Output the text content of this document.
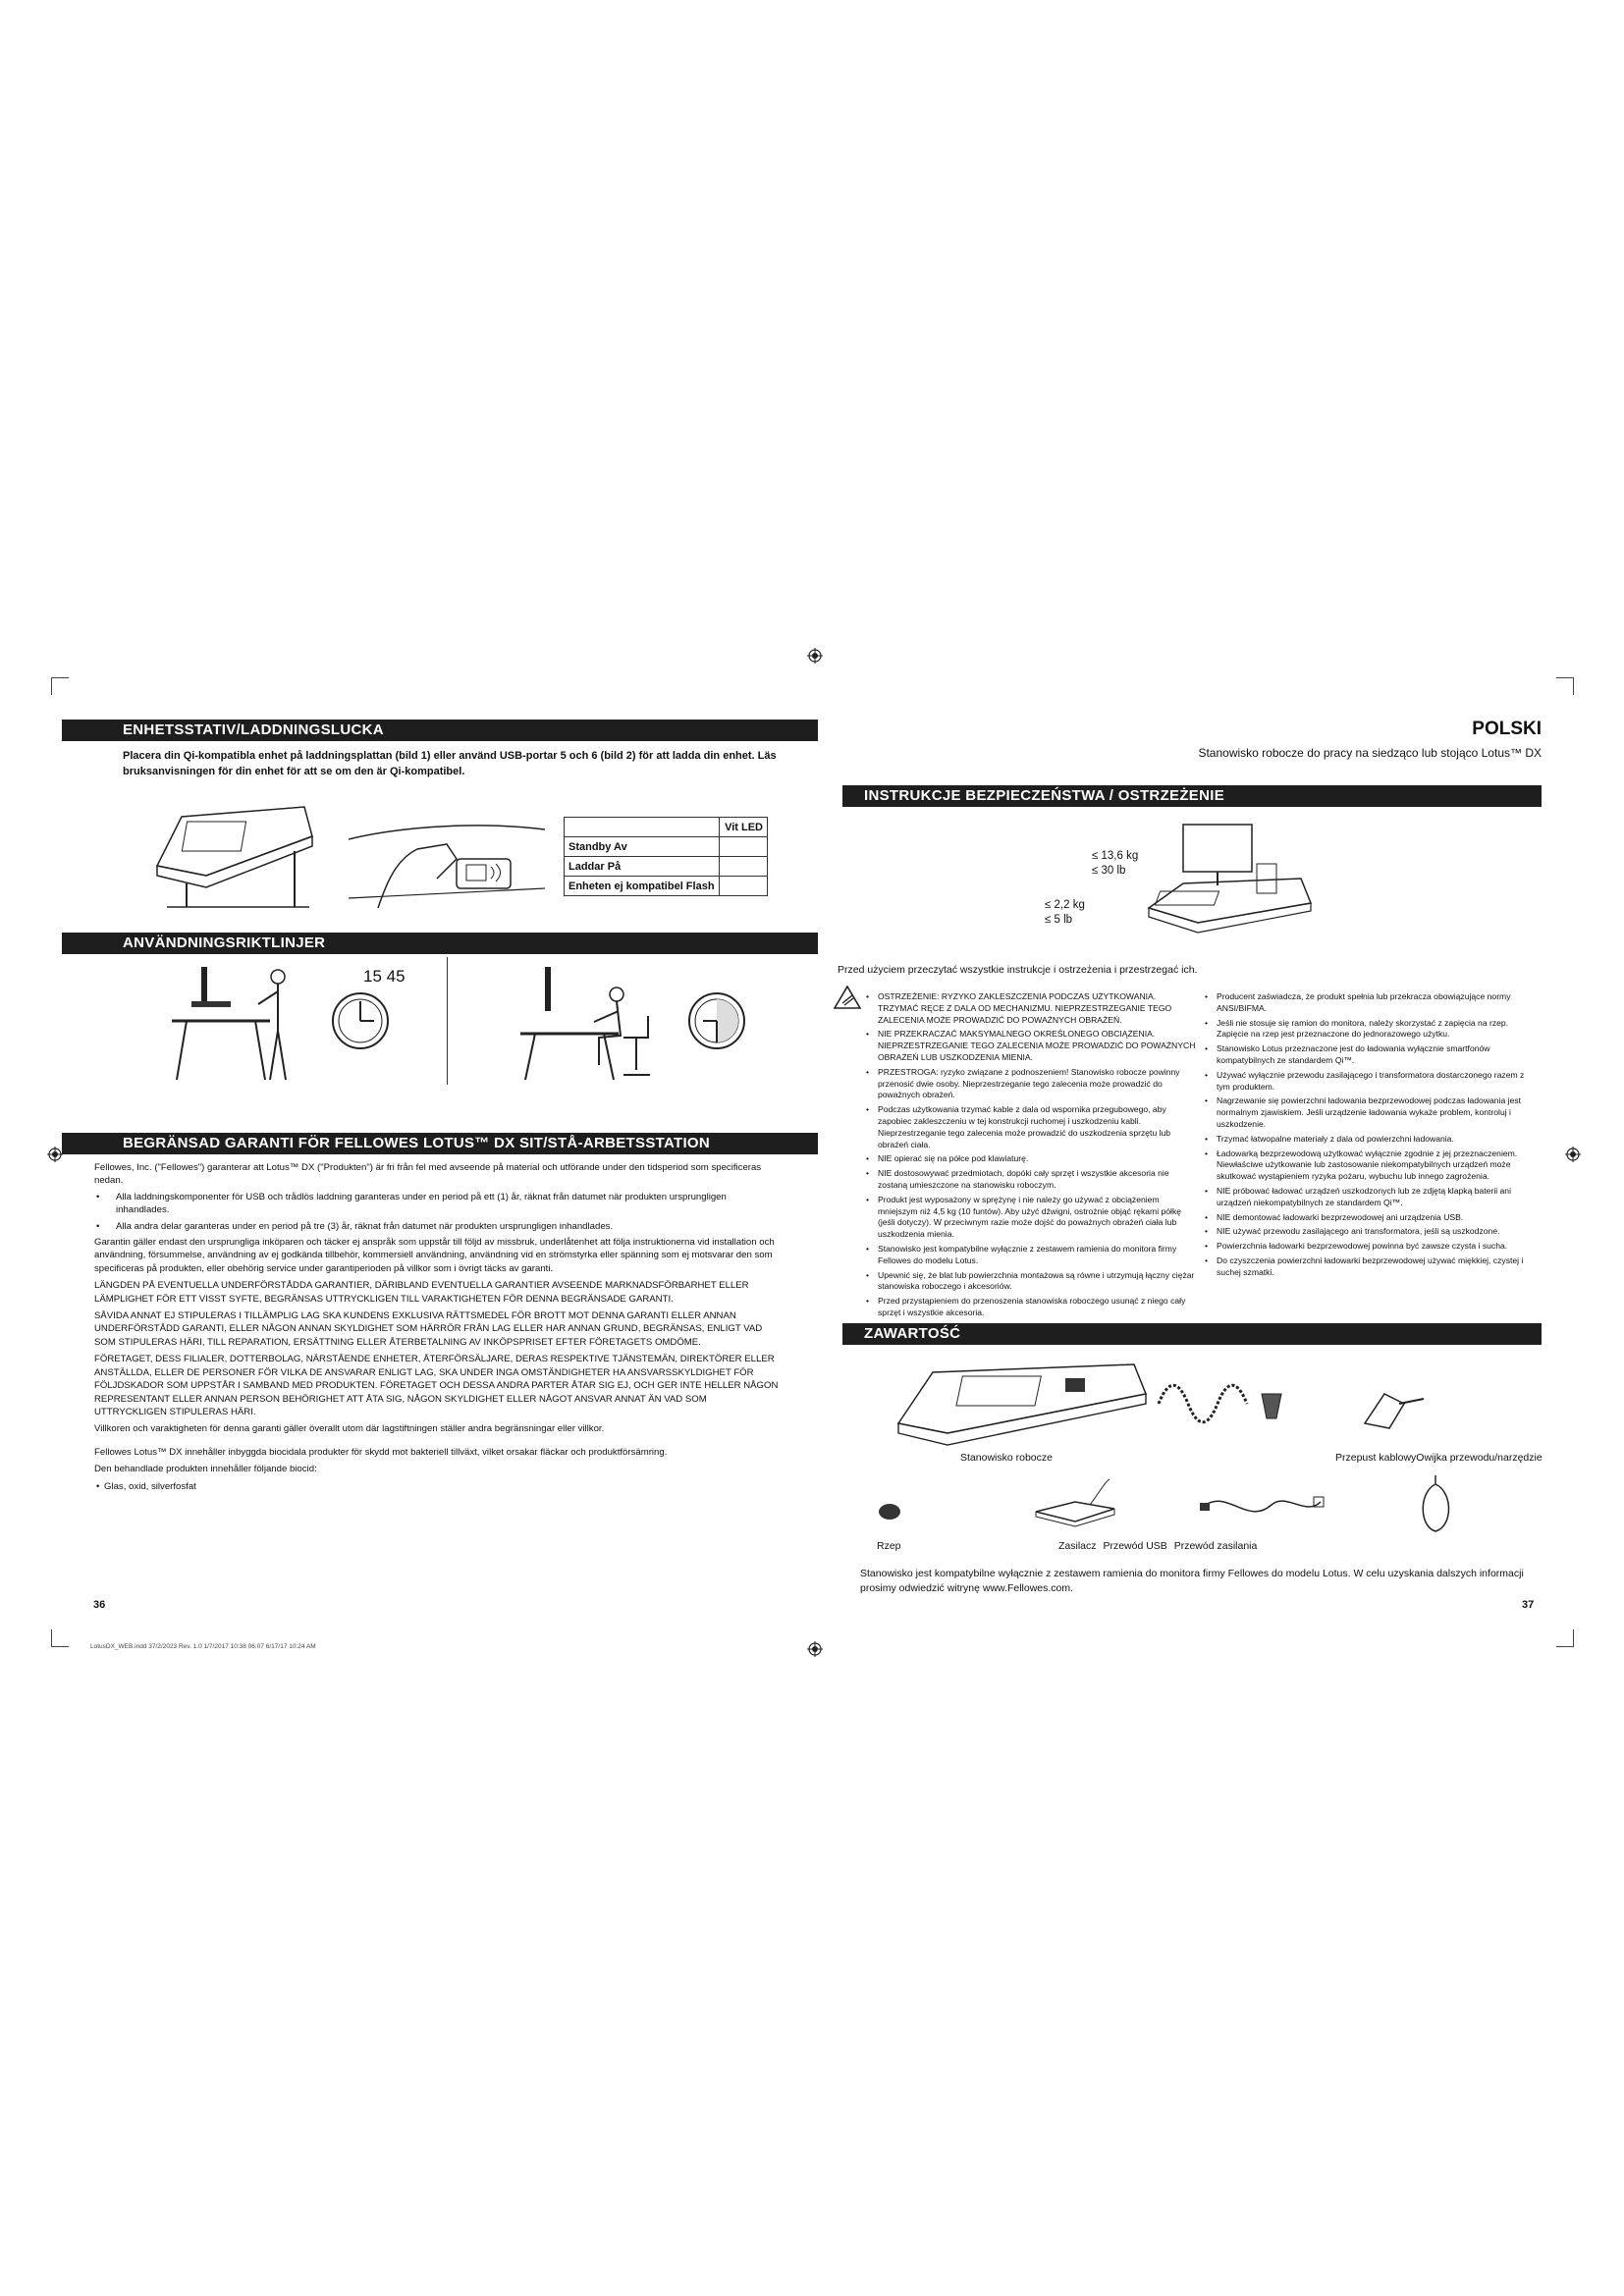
ENHETSSTATIV/LADDNINGSLUCKA
Placera din Qi-kompatibla enhet på laddningsplattan (bild 1) eller använd USB-portar 5 och 6 (bild 2) för att ladda din enhet. Läs bruksanvisningen för din enhet för att se om den är Qi-kompatibel.
	Vit LED
Standby Av	
Laddar På	
Enheten ej kompatibel Flash	
ANVÄNDNINGSRIKTLINJER
15 45
BEGRÄNSAD GARANTI FÖR FELLOWES LOTUS™ DX SIT/STÅ-ARBETSSTATION
Fellowes, Inc. ("Fellowes") garanterar att Lotus™ DX ("Produkten") är fri från fel med avseende på material och utförande under den tidsperiod som specificeras nedan.
• Alla laddningskomponenter för USB och trådlös laddning garanteras under en period på ett (1) år, räknat från datumet när produkten ursprungligen inhandlades.
• Alla andra delar garanteras under en period på tre (3) år, räknat från datumet när produkten ursprungligen inhandlades.
Garantin gäller endast den ursprungliga inköparen och täcker ej anspråk som uppstår till följd av missbruk, underlåtenhet att följa instruktionerna vid installation och användning, försummelse, användning av ej godkända tillbehör, kommersiell användning, användning vid en strömstyrka eller spänning som ej motsvarar den som specificeras på produkten, eller obehörig service under garantiperioden på villkor som i övrigt täcks av garanti.
LÄNGDEN PÅ EVENTUELLA UNDERFÖRSTÅDDA GARANTIER, DÄRIBLAND EVENTUELLA GARANTIER AVSEENDE MARKNADSFÖRBARHET ELLER LÄMPLIGHET FÖR ETT VISST SYFTE, BEGRÄNSAS UTTRYCKLIGEN TILL VARAKTIGHETEN FÖR DENNA BEGRÄNSADE GARANTI.
SÅVIDA ANNAT EJ STIPULERAS I TILLÄMPLIG LAG SKA KUNDENS EXKLUSIVA RÄTTSMEDEL FÖR BROTT MOT DENNA GARANTI ELLER ANNAN UNDERFÖRSTÅDD GARANTI, ELLER NÅGON ANNAN SKYLDIGHET SOM HÄRRÖR FRÅN LAG ELLER HAR ANNAN GRUND, BEGRÄNSAS, ENLIGT VAD SOM STIPULERAS HÄRI, TILL REPARATION, ERSÄTTNING ELLER ÅTERBETALNING AV INKÖPSPRISET EFTER FÖRETAGETS OMDÖME.
FÖRETAGET, DESS FILIALER, DOTTERBOLAG, NÄRSTÅENDE ENHETER, ÅTERFÖRSÄLJARE, DERAS RESPEKTIVE TJÄNSTEMÄN, DIREKTÖRER ELLER ANSTÄLLDA, ELLER DE PERSONER FÖR VILKA DE ANSVARAR ENLIGT LAG, SKA UNDER INGA OMSTÄNDIGHETER HA ANSVARSSKYLDIGHET FÖR FÖLJDSKADOR SOM UPPSTÅR I SAMBAND MED PRODUKTEN. FÖRETAGET OCH DESSA ANDRA PARTER ÅTAR SIG EJ, OCH GER INTE HELLER NÅGON REPRESENTANT ELLER ANNAN PERSON BEHÖRIGHET ATT ÅTA SIG, NÅGON SKYLDIGHET ELLER NÅGOT ANSVAR ANNAT ÄN VAD SOM UTTRYCKLIGEN STIPULERAS HÄRI.
Villkoren och varaktigheten för denna garanti gäller överallt utom där lagstiftningen ställer andra begränsningar eller villkor.
Fellowes Lotus™ DX innehåller inbyggda biocidala produkter för skydd mot bakteriell tillväxt, vilket orsakar fläckar och produktförsämring.
Den behandlade produkten innehåller följande biocid:
• Glas, oxid, silverfosfat
36
LotusDX_WEB.indd 37/2/2023 Rev. 1.0 1/7/2017 10:38 06:07 6/17/17 10:24 AM
POLSKI
Stanowisko robocze do pracy na siedząco lub stojąco Lotus™ DX
INSTRUKCJE BEZPIECZEŃSTWA / OSTRZEŻENIE
≤ 13,6 kg
≤ 30 lb
≤ 2,2 kg
≤ 5 lb
Przed użyciem przeczytać wszystkie instrukcje i ostrzeżenia i przestrzegać ich.
• OSTRZEŻENIE: RYZYKO ZAKLESZCZENIA PODCZAS UŻYTKOWANIA. TRZYMAĆ RĘCE Z DALA OD MECHANIZMU. NIEPRZESTRZEGANIE TEGO ZALECENIA MOŻE PROWADZIĆ DO POWAŻNYCH OBRAŻEŃ.
• NIE PRZEKRACZAĆ MAKSYMALNEGO OKREŚLONEGO OBCIĄŻENIA. NIEPRZESTRZEGANIE TEGO ZALECENIA MOŻE PROWADZIĆ DO POWAŻNYCH OBRAŻEŃ LUB USZKODZENIA MIENIA.
• PRZESTROGA: ryzyko związane z podnoszeniem! Stanowisko robocze powinny przenosić dwie osoby. Nieprzestrzeganie tego zalecenia może prowadzić do poważnych obrażeń.
• Podczas użytkowania trzymać kable z dala od wspornika przegubowego, aby zapobiec zakleszczeniu w tej konstrukcji ruchomej i uszkodzeniu kabli. Nieprzestrzeganie tego zalecenia może prowadzić do uszkodzenia sprzętu lub obrażeń ciała.
• NIE opierać się na półce pod klawiaturę.
• NIE dostosowywać przedmiotach, dopóki cały sprzęt i wszystkie akcesoria nie zostaną umieszczone na stanowisku roboczym.
• Produkt jest wyposażony w sprężynę i nie należy go używać z obciążeniem mniejszym niż 4,5 kg (10 funtów). Aby użyć dźwigni, ostrożnie objąć rękami półkę (jeśli dotyczy). W przeciwnym razie może dojść do poważnych obrażeń ciała lub uszkodzenia mienia.
• Stanowisko jest kompatybilne wyłącznie z zestawem ramienia do monitora firmy Fellowes do modelu Lotus.
• Upewnić się, że blat lub powierzchnia montażowa są równe i utrzymują łączny ciężar stanowiska roboczego i akcesoriów.
• Przed przystąpieniem do przenoszenia stanowiska roboczego usunąć z niego cały sprzęt i wszystkie akcesoria.
• Producent zaświadcza, że produkt spełnia lub przekracza obowiązujące normy ANSI/BIFMA.
• Jeśli nie stosuje się ramion do monitora, należy skorzystać z zapięcia na rzep. Zapięcie na rzep jest przeznaczone do jednorazowego użytku.
• Stanowisko Lotus przeznaczone jest do ładowania wyłącznie smartfonów kompatybilnych ze standardem Qi™.
• Używać wyłącznie przewodu zasilającego i transformatora dostarczonego razem z tym produktem.
• Nagrzewanie się powierzchni ładowania bezprzewodowej podczas ładowania jest normalnym zjawiskiem. Jeśli urządzenie ładowania wykaże problem, kontroluj i uszkodzenie.
• Trzymać łatwopalne materiały z dala od powierzchni ładowania.
• Ładowarką bezprzewodową użytkować wyłącznie zgodnie z jej przeznaczeniem. Niewłaściwe użytkowanie lub zastosowanie niekompatybilnych urządzeń może skutkować wystąpieniem ryzyka pożaru, wybuchu lub innego zagrożenia.
• NIE próbować ładować urządzeń uszkodzonych lub ze zdjętą klapką baterii ani urządzeń niekompatybilnych ze standardem Qi™.
• NIE demontować ładowarki bezprzewodowej ani urządzenia USB.
• NIE używać przewodu zasilającego ani transformatora, jeśli są uszkodzone.
• Powierzchnia ładowarki bezprzewodowej powinna być zawsze czysta i sucha.
• Do czyszczenia powierzchni ładowarki bezprzewodowej używać miękkiej, czystej i suchej szmatki.
ZAWARTOŚĆ
Stanowisko robocze	Przepust kablowyOwijka przewodu/narzędzie
Rzep	Zasilacz Przewód USB Przewód zasilania
Stanowisko jest kompatybilne wyłącznie z zestawem ramienia do monitora firmy Fellowes do modelu Lotus. W celu uzyskania dalszych informacji prosimy odwiedzić witrynę www.Fellowes.com.
37
